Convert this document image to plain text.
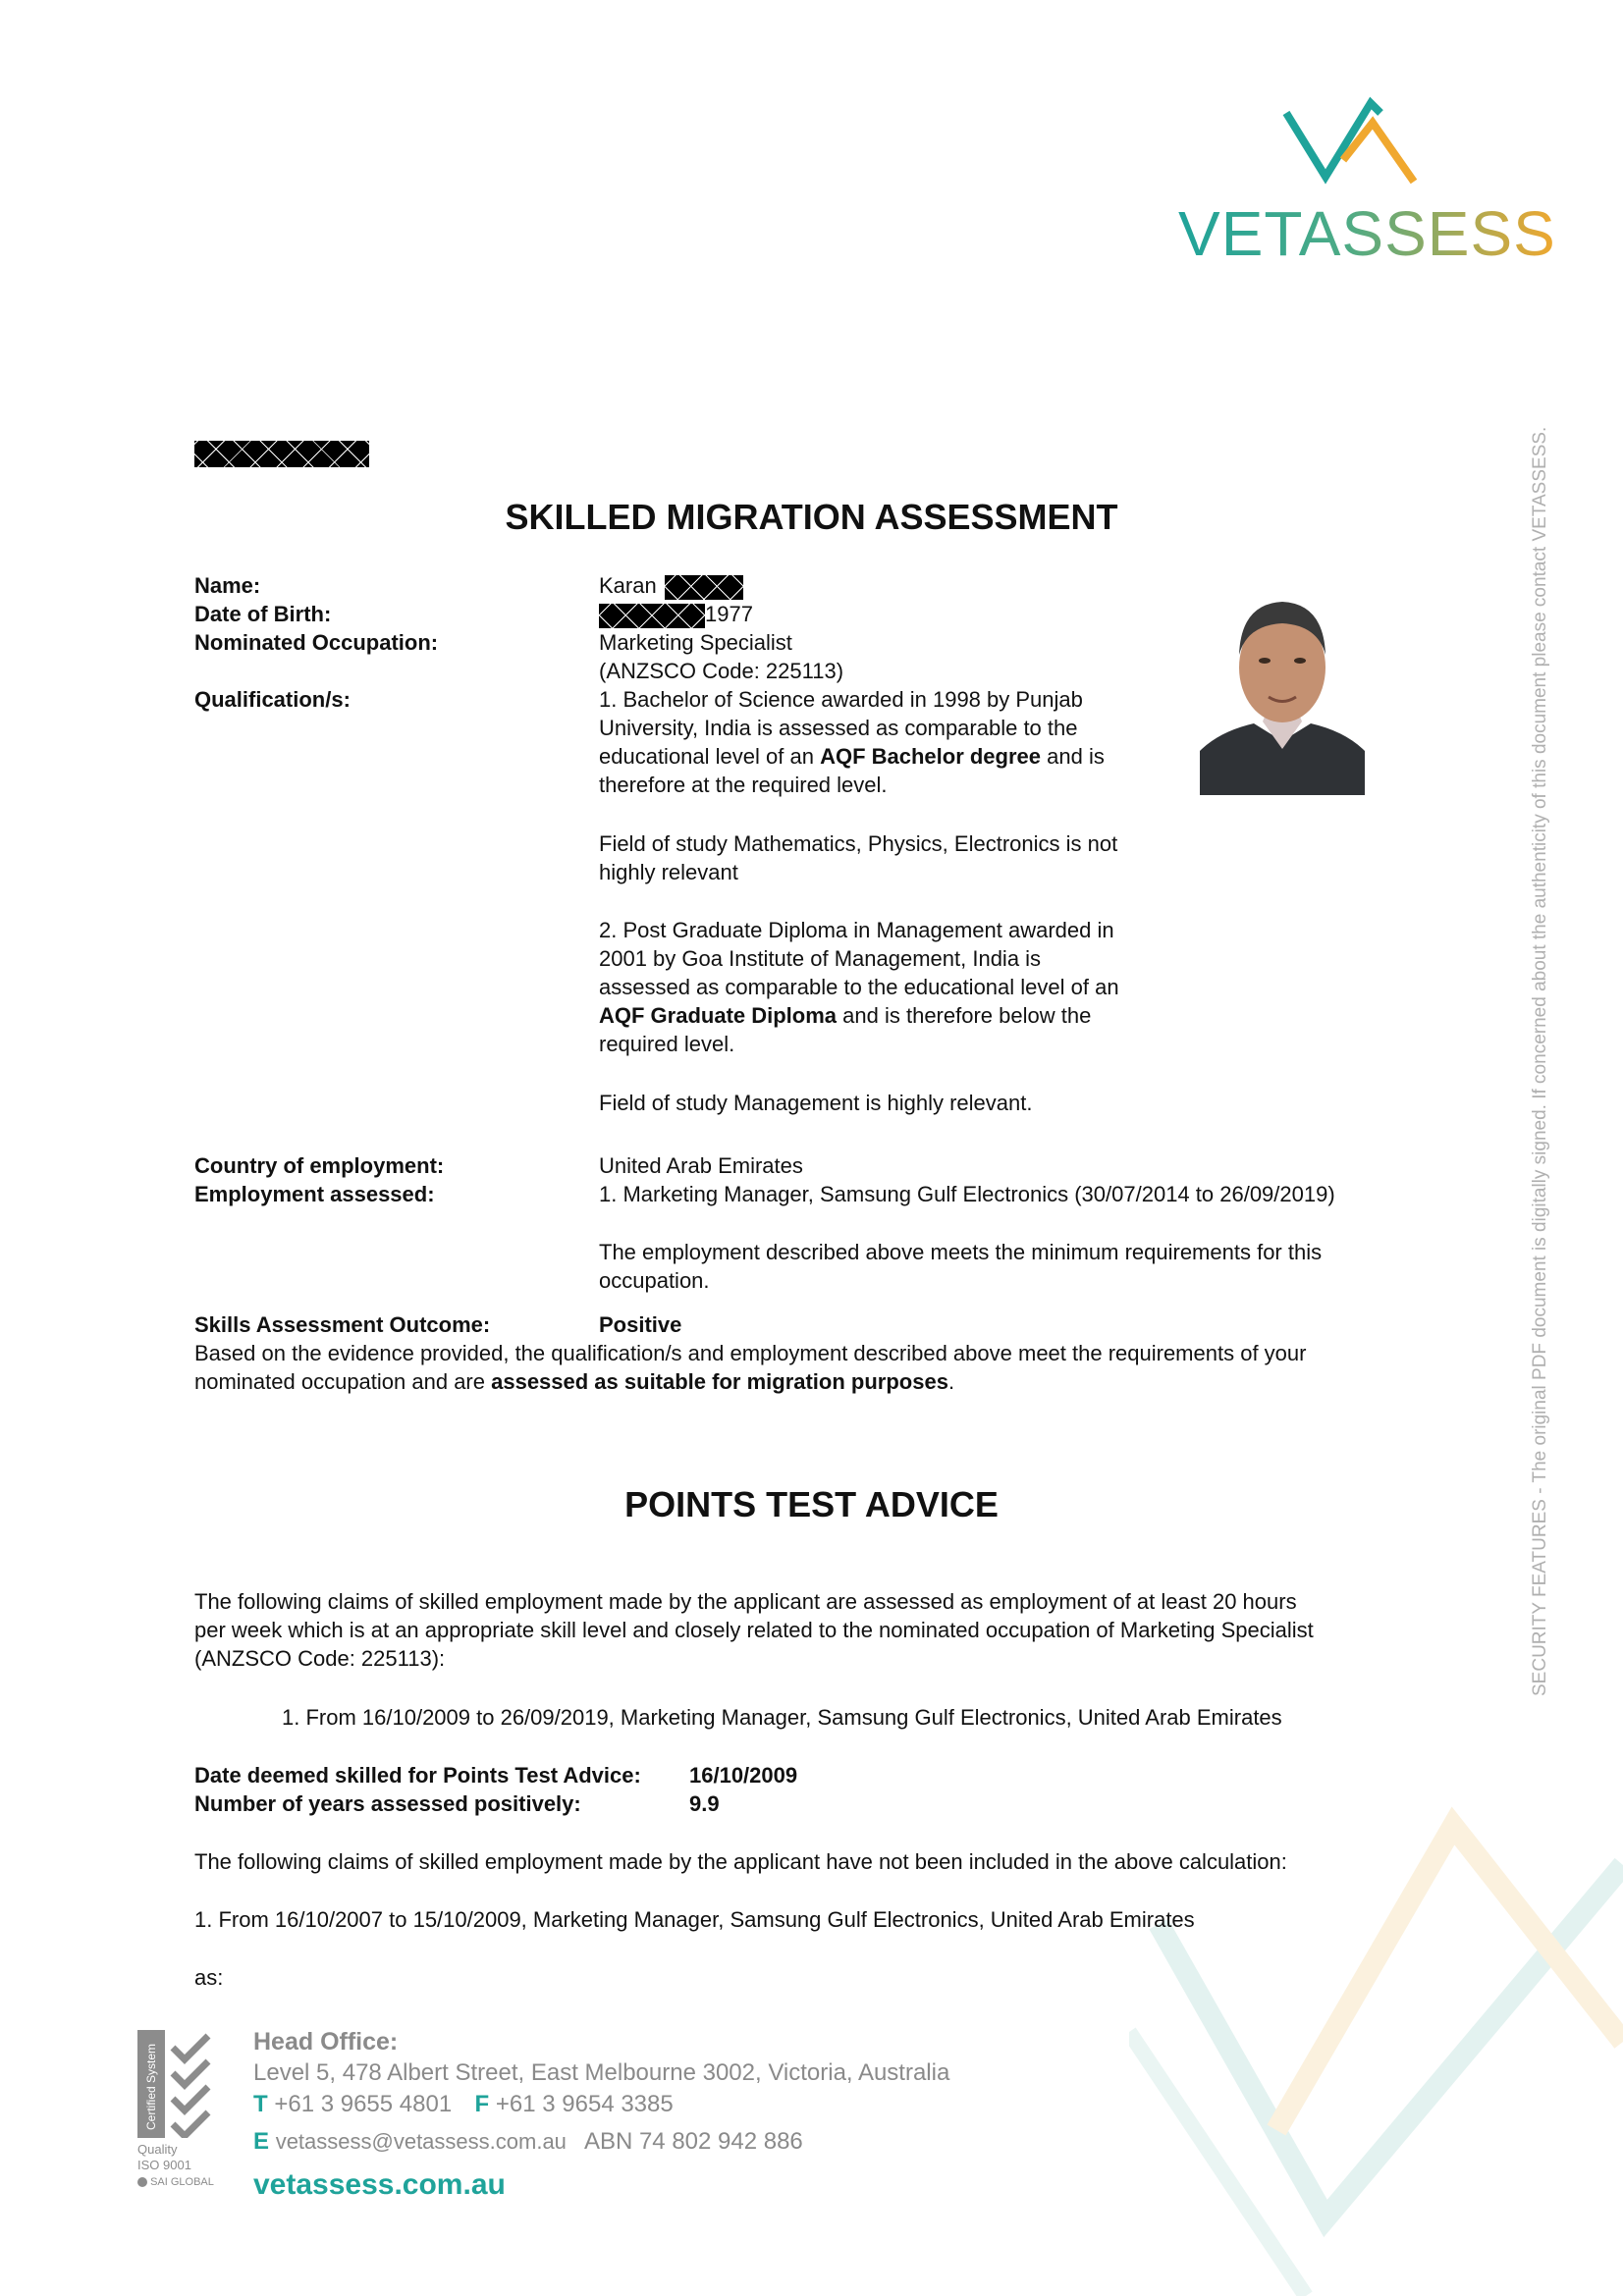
VETASSESS
SECURITY FEATURES - The original PDF document is digitally signed. If concerned about the authenticity of this document please contact VETASSESS.
SKILLED MIGRATION ASSESSMENT
Name:	Karan
Date of Birth:	1977
Nominated Occupation:	Marketing Specialist
(ANZSCO Code: 225113)
Qualification/s:	1. Bachelor of Science awarded in 1998 by Punjab
University, India is assessed as comparable to the
educational level of an AQF Bachelor degree and is
therefore at the required level.
Field of study Mathematics, Physics, Electronics is not
highly relevant
2. Post Graduate Diploma in Management awarded in
2001 by Goa Institute of Management, India is
assessed as comparable to the educational level of an
AQF Graduate Diploma and is therefore below the
required level.
Field of study Management is highly relevant.
Country of employment:	United Arab Emirates
Employment assessed:	1. Marketing Manager, Samsung Gulf Electronics (30/07/2014 to 26/09/2019)
The employment described above meets the minimum requirements for this
occupation.
Skills Assessment Outcome:	Positive
Based on the evidence provided, the qualification/s and employment described above meet the requirements of your
nominated occupation and are assessed as suitable for migration purposes.
POINTS TEST ADVICE
The following claims of skilled employment made by the applicant are assessed as employment of at least 20 hours
per week which is at an appropriate skill level and closely related to the nominated occupation of Marketing Specialist
(ANZSCO Code: 225113):
1. From 16/10/2009 to 26/09/2019, Marketing Manager, Samsung Gulf Electronics, United Arab Emirates
Date deemed skilled for Points Test Advice: 16/10/2009
Number of years assessed positively:	9.9
The following claims of skilled employment made by the applicant have not been included in the above calculation:
1. From 16/10/2007 to 15/10/2009, Marketing Manager, Samsung Gulf Electronics, United Arab Emirates
as:
Certified System
Quality
ISO 9001
SAI GLOBAL
Head Office:
Level 5, 478 Albert Street, East Melbourne 3002, Victoria, Australia
T +61 3 9655 4801 F +61 3 9654 3385
E vetassess@vetassess.com.au ABN 74 802 942 886
vetassess.com.au
